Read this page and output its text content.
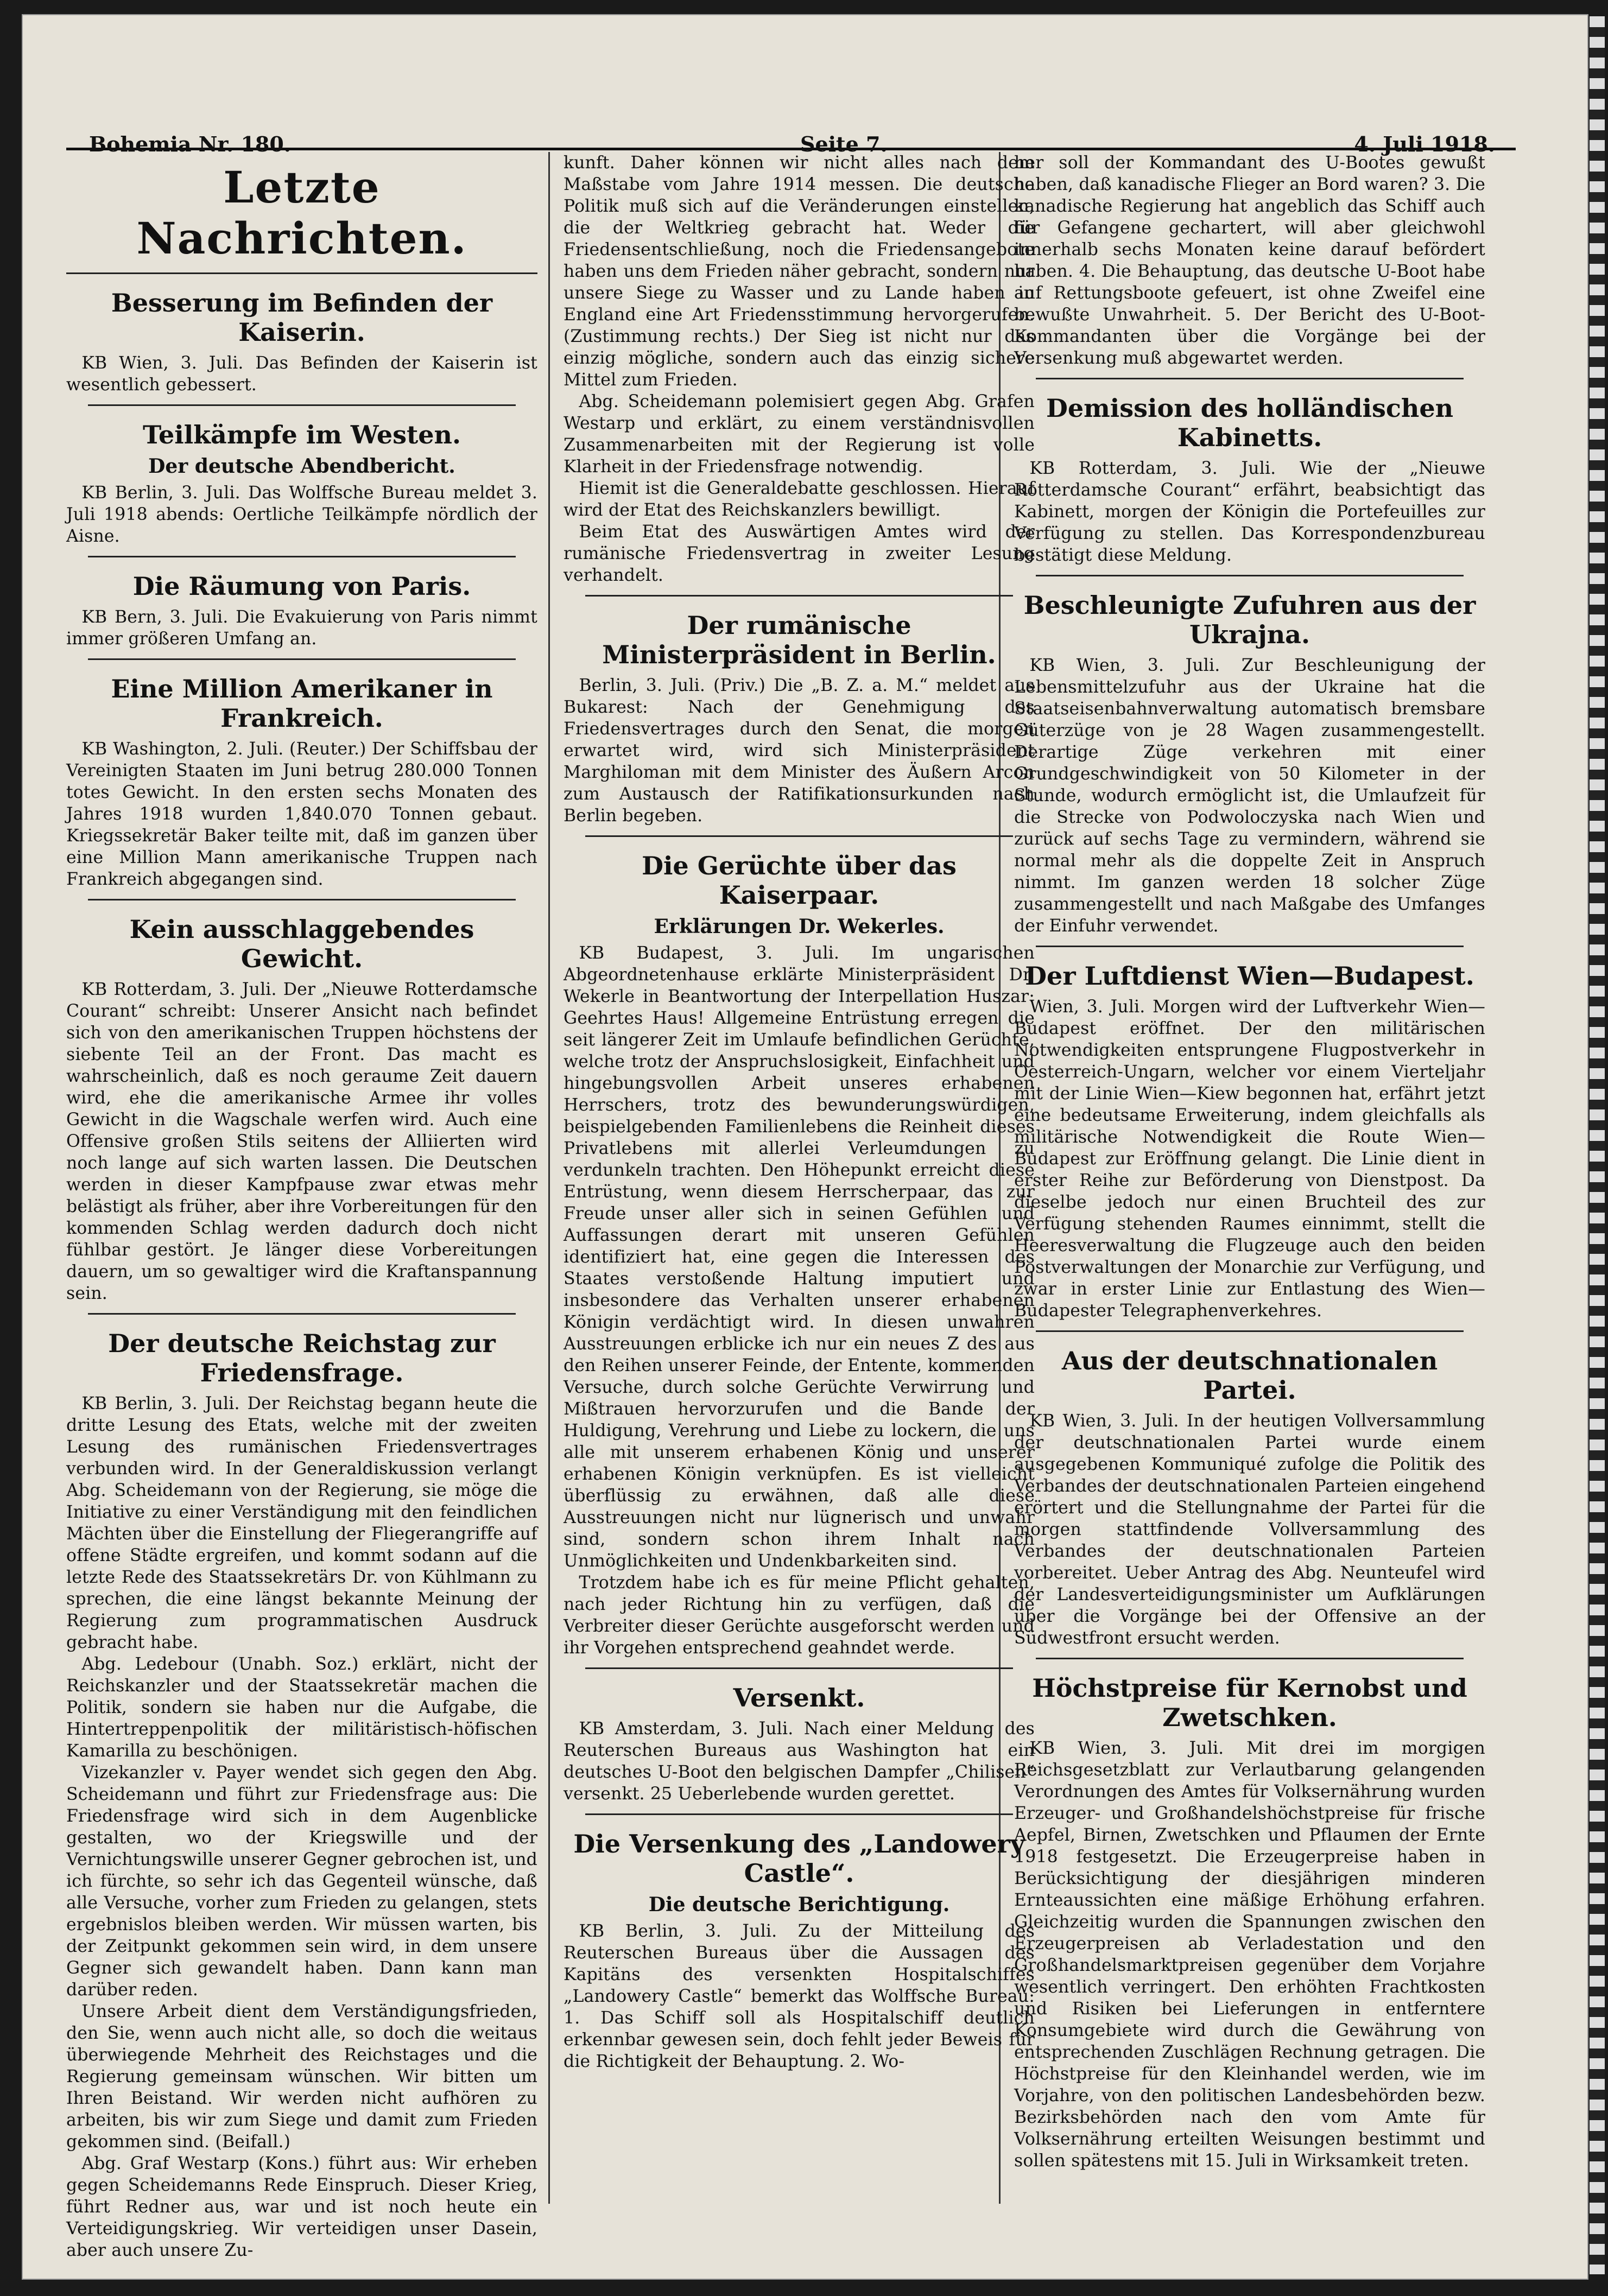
Bohemia Nr. 180.	Seite 7.	4. Juli 1918.
Letzte Nachrichten.
Besserung im Befinden der Kaiserin.

KB Wien, 3. Juli. Das Befinden der Kaiserin ist wesentlich gebessert.

Teilkämpfe im Westen.
Der deutsche Abendbericht.

KB Berlin, 3. Juli. Das Wolffsche Bureau meldet 3. Juli 1918 abends: Oertliche Teilkämpfe nördlich der Aisne.

Die Räumung von Paris.

KB Bern, 3. Juli. Die Evakuierung von Paris nimmt immer größeren Umfang an.

Eine Million Amerikaner in Frankreich.

KB Washington, 2. Juli. (Reuter.) Der Schiffsbau der Vereinigten Staaten im Juni betrug 280.000 Tonnen totes Gewicht. In den ersten sechs Monaten des Jahres 1918 wurden 1,840.070 Tonnen gebaut. Kriegssekretär Baker teilte mit, daß im ganzen über eine Million Mann amerikanische Truppen nach Frankreich abgegangen sind.

Kein ausschlaggebendes Gewicht.

KB Rotterdam, 3. Juli. Der „Nieuwe Rotterdamsche Courant“ schreibt: Unserer Ansicht nach befindet sich von den amerikanischen Truppen höchstens der siebente Teil an der Front. Das macht es wahrscheinlich, daß es noch geraume Zeit dauern wird, ehe die amerikanische Armee ihr volles Gewicht in die Wagschale werfen wird. Auch eine Offensive großen Stils seitens der Alliierten wird noch lange auf sich warten lassen. Die Deutschen werden in dieser Kampfpause zwar etwas mehr belästigt als früher, aber ihre Vorbereitungen für den kommenden Schlag werden dadurch doch nicht fühlbar gestört. Je länger diese Vorbereitungen dauern, um so gewaltiger wird die Kraftanspannung sein.

Der deutsche Reichstag zur Friedensfrage.

KB Berlin, 3. Juli. Der Reichstag begann heute die dritte Lesung des Etats, welche mit der zweiten Lesung des rumänischen Friedensvertrages verbunden wird. In der Generaldiskussion verlangt Abg. Scheidemann von der Regierung, sie möge die Initiative zu einer Verständigung mit den feindlichen Mächten über die Einstellung der Fliegerangriffe auf offene Städte ergreifen, und kommt sodann auf die letzte Rede des Staatssekretärs Dr. von Kühlmann zu sprechen, die eine längst bekannte Meinung der Regierung zum programmatischen Ausdruck gebracht habe.

Abg. Ledebour (Unabh. Soz.) erklärt, nicht der Reichskanzler und der Staatssekretär machen die Politik, sondern sie haben nur die Aufgabe, die Hintertreppenpolitik der militäristisch-höfischen Kamarilla zu beschönigen.

Vizekanzler v. Payer wendet sich gegen den Abg. Scheidemann und führt zur Friedensfrage aus: Die Friedensfrage wird sich in dem Augenblicke gestalten, wo der Kriegswille und der Vernichtungswille unserer Gegner gebrochen ist, und ich fürchte, so sehr ich das Gegenteil wünsche, daß alle Versuche, vorher zum Frieden zu gelangen, stets ergebnislos bleiben werden. Wir müssen warten, bis der Zeitpunkt gekommen sein wird, in dem unsere Gegner sich gewandelt haben. Dann kann man darüber reden.

Unsere Arbeit dient dem Verständigungsfrieden, den Sie, wenn auch nicht alle, so doch die weitaus überwiegende Mehrheit des Reichstages und die Regierung gemeinsam wünschen. Wir bitten um Ihren Beistand. Wir werden nicht aufhören zu arbeiten, bis wir zum Siege und damit zum Frieden gekommen sind. (Beifall.)

Abg. Graf Westarp (Kons.) führt aus: Wir erheben gegen Scheidemanns Rede Einspruch. Dieser Krieg, führt Redner aus, war und ist noch heute ein Verteidigungskrieg. Wir verteidigen unser Dasein, aber auch unsere Zu-

kunft. Daher können wir nicht alles nach dem Maßstabe vom Jahre 1914 messen. Die deutsche Politik muß sich auf die Veränderungen einstellen, die der Weltkrieg gebracht hat. Weder die Friedensentschließung, noch die Friedensangebote haben uns dem Frieden näher gebracht, sondern nur unsere Siege zu Wasser und zu Lande haben in England eine Art Friedensstimmung hervorgerufen. (Zustimmung rechts.) Der Sieg ist nicht nur das einzig mögliche, sondern auch das einzig sichere Mittel zum Frieden.

Abg. Scheidemann polemisiert gegen Abg. Grafen Westarp und erklärt, zu einem verständnisvollen Zusammenarbeiten mit der Regierung ist volle Klarheit in der Friedensfrage notwendig.

Hiemit ist die Generaldebatte geschlossen. Hierauf wird der Etat des Reichskanzlers bewilligt.

Beim Etat des Auswärtigen Amtes wird der rumänische Friedensvertrag in zweiter Lesung verhandelt.

Der rumänische Ministerpräsident in Berlin.

Berlin, 3. Juli. (Priv.) Die „B. Z. a. M.“ meldet aus Bukarest: Nach der Genehmigung des Friedensvertrages durch den Senat, die morgen erwartet wird, wird sich Ministerpräsident Marghiloman mit dem Minister des Äußern Arcon zum Austausch der Ratifikationsurkunden nach Berlin begeben.

Die Gerüchte über das Kaiserpaar.
Erklärungen Dr. Wekerles.

KB Budapest, 3. Juli. Im ungarischen Abgeordnetenhause erklärte Ministerpräsident Dr. Wekerle in Beantwortung der Interpellation Huszar: Geehrtes Haus! Allgemeine Entrüstung erregen die seit längerer Zeit im Umlaufe befindlichen Gerüchte, welche trotz der Anspruchslosigkeit, Einfachheit und hingebungsvollen Arbeit unseres erhabenen Herrschers, trotz des bewunderungswürdigen, beispielgebenden Familienlebens die Reinheit dieses Privatlebens mit allerlei Verleumdungen zu verdunkeln trachten. Den Höhepunkt erreicht diese Entrüstung, wenn diesem Herrscherpaar, das zur Freude unser aller sich in seinen Gefühlen und Auffassungen derart mit unseren Gefühlen identifiziert hat, eine gegen die Interessen des Staates verstoßende Haltung imputiert und insbesondere das Verhalten unserer erhabenen Königin verdächtigt wird. In diesen unwahren Ausstreuungen erblicke ich nur ein neues Z des aus den Reihen unserer Feinde, der Entente, kommenden Versuche, durch solche Gerüchte Verwirrung und Mißtrauen hervorzurufen und die Bande der Huldigung, Verehrung und Liebe zu lockern, die uns alle mit unserem erhabenen König und unserer erhabenen Königin verknüpfen. Es ist vielleicht überflüssig zu erwähnen, daß alle diese Ausstreuungen nicht nur lügnerisch und unwahr sind, sondern schon ihrem Inhalt nach Unmöglichkeiten und Undenkbarkeiten sind.

Trotzdem habe ich es für meine Pflicht gehalten, nach jeder Richtung hin zu verfügen, daß die Verbreiter dieser Gerüchte ausgeforscht werden und ihr Vorgehen entsprechend geahndet werde.

Versenkt.

KB Amsterdam, 3. Juli. Nach einer Meldung des Reuterschen Bureaus aus Washington hat ein deutsches U-Boot den belgischen Dampfer „Chilisen“ versenkt. 25 Ueberlebende wurden gerettet.

Die Versenkung des „Landowery Castle“.
Die deutsche Berichtigung.

KB Berlin, 3. Juli. Zu der Mitteilung des Reuterschen Bureaus über die Aussagen des Kapitäns des versenkten Hospitalschiffes „Landowery Castle“ bemerkt das Wolffsche Bureau: 1. Das Schiff soll als Hospitalschiff deutlich erkennbar gewesen sein, doch fehlt jeder Beweis für die Richtigkeit der Behauptung. 2. Wo-

her soll der Kommandant des U-Bootes gewußt haben, daß kanadische Flieger an Bord waren? 3. Die kanadische Regierung hat angeblich das Schiff auch für Gefangene gechartert, will aber gleichwohl innerhalb sechs Monaten keine darauf befördert haben. 4. Die Behauptung, das deutsche U-Boot habe auf Rettungsboote gefeuert, ist ohne Zweifel eine bewußte Unwahrheit. 5. Der Bericht des U-Boot-Kommandanten über die Vorgänge bei der Versenkung muß abgewartet werden.

Demission des holländischen Kabinetts.

KB Rotterdam, 3. Juli. Wie der „Nieuwe Rotterdamsche Courant“ erfährt, beabsichtigt das Kabinett, morgen der Königin die Portefeuilles zur Verfügung zu stellen. Das Korrespondenzbureau bestätigt diese Meldung.

Beschleunigte Zufuhren aus der Ukrajna.

KB Wien, 3. Juli. Zur Beschleunigung der Lebensmittelzufuhr aus der Ukraine hat die Staatseisenbahnverwaltung automatisch bremsbare Güterzüge von je 28 Wagen zusammengestellt. Derartige Züge verkehren mit einer Grundgeschwindigkeit von 50 Kilometer in der Stunde, wodurch ermöglicht ist, die Umlaufzeit für die Strecke von Podwoloczyska nach Wien und zurück auf sechs Tage zu vermindern, während sie normal mehr als die doppelte Zeit in Anspruch nimmt. Im ganzen werden 18 solcher Züge zusammengestellt und nach Maßgabe des Umfanges der Einfuhr verwendet.

Der Luftdienst Wien—Budapest.

Wien, 3. Juli. Morgen wird der Luftverkehr Wien—Budapest eröffnet. Der den militärischen Notwendigkeiten entsprungene Flugpostverkehr in Oesterreich-Ungarn, welcher vor einem Vierteljahr mit der Linie Wien—Kiew begonnen hat, erfährt jetzt eine bedeutsame Erweiterung, indem gleichfalls als militärische Notwendigkeit die Route Wien—Budapest zur Eröffnung gelangt. Die Linie dient in erster Reihe zur Beförderung von Dienstpost. Da dieselbe jedoch nur einen Bruchteil des zur Verfügung stehenden Raumes einnimmt, stellt die Heeresverwaltung die Flugzeuge auch den beiden Postverwaltungen der Monarchie zur Verfügung, und zwar in erster Linie zur Entlastung des Wien—Budapester Telegraphenverkehres.

Aus der deutschnationalen Partei.

KB Wien, 3. Juli. In der heutigen Vollversammlung der deutschnationalen Partei wurde einem ausgegebenen Kommuniqué zufolge die Politik des Verbandes der deutschnationalen Parteien eingehend erörtert und die Stellungnahme der Partei für die morgen stattfindende Vollversammlung des Verbandes der deutschnationalen Parteien vorbereitet. Ueber Antrag des Abg. Neunteufel wird der Landesverteidigungsminister um Aufklärungen über die Vorgänge bei der Offensive an der Südwestfront ersucht werden.

Höchstpreise für Kernobst und Zwetschken.

KB Wien, 3. Juli. Mit drei im morgigen Reichsgesetzblatt zur Verlautbarung gelangenden Verordnungen des Amtes für Volksernährung wurden Erzeuger- und Großhandelshöchstpreise für frische Aepfel, Birnen, Zwetschken und Pflaumen der Ernte 1918 festgesetzt. Die Erzeugerpreise haben in Berücksichtigung der diesjährigen minderen Ernteaussichten eine mäßige Erhöhung erfahren. Gleichzeitig wurden die Spannungen zwischen den Erzeugerpreisen ab Verladestation und den Großhandelsmarktpreisen gegenüber dem Vorjahre wesentlich verringert. Den erhöhten Frachtkosten und Risiken bei Lieferungen in entferntere Konsumgebiete wird durch die Gewährung von entsprechenden Zuschlägen Rechnung getragen. Die Höchstpreise für den Kleinhandel werden, wie im Vorjahre, von den politischen Landesbehörden bezw. Bezirksbehörden nach den vom Amte für Volksernährung erteilten Weisungen bestimmt und sollen spätestens mit 15. Juli in Wirksamkeit treten.
